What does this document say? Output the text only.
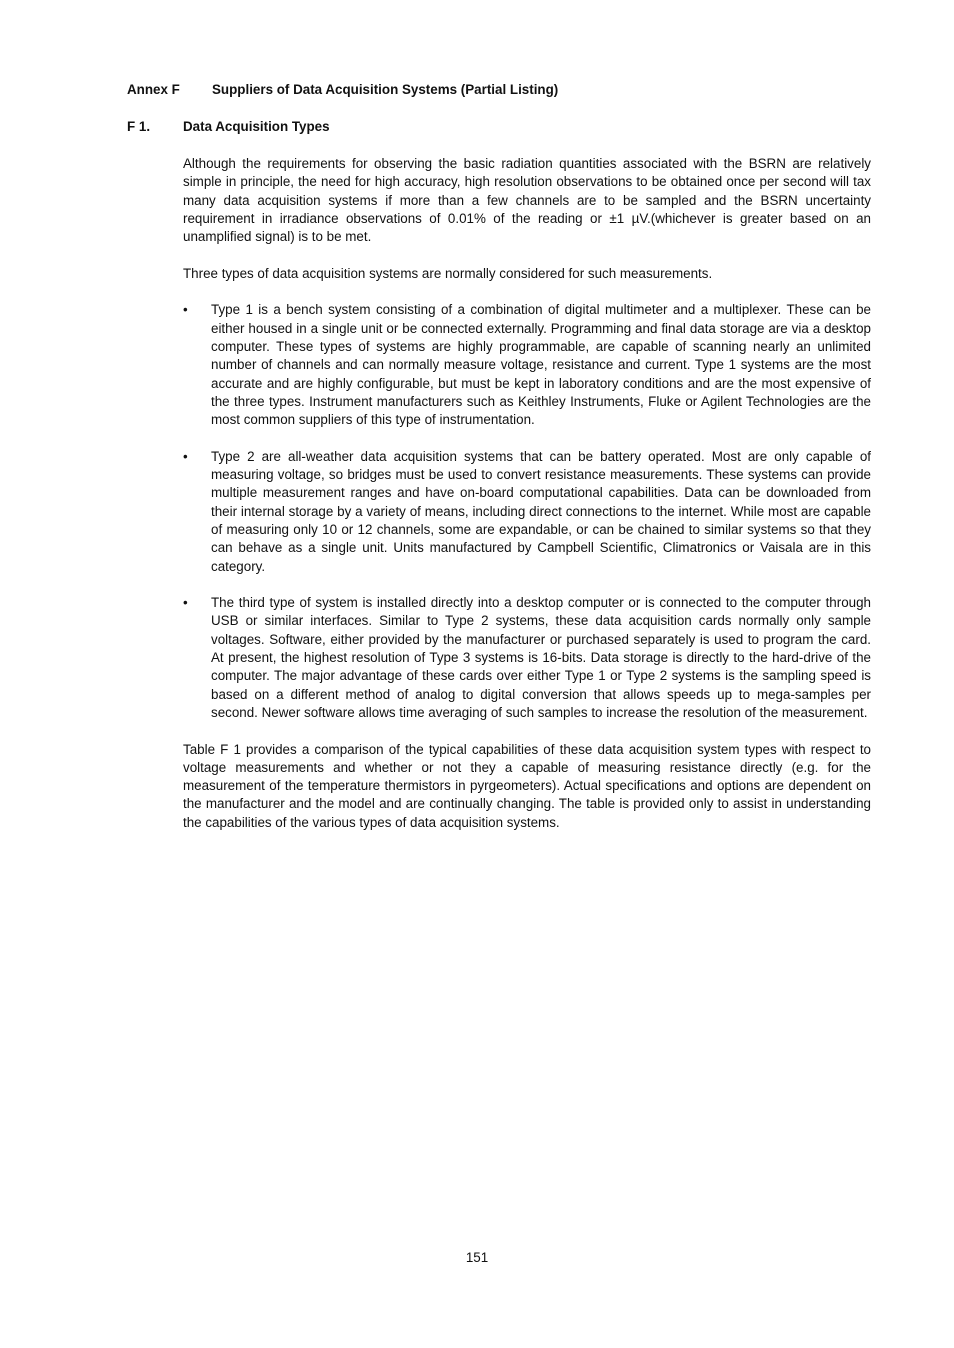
Annex F Suppliers of Data Acquisition Systems (Partial Listing)
F 1. Data Acquisition Types

Although the requirements for observing the basic radiation quantities associated with the BSRN are relatively simple in principle, the need for high accuracy, high resolution observations to be obtained once per second will tax many data acquisition systems if more than a few channels are to be sampled and the BSRN uncertainty requirement in irradiance observations of 0.01% of the reading or ±1 µV.(whichever is greater based on an unamplified signal) is to be met.

Three types of data acquisition systems are normally considered for such measurements.

• Type 1 is a bench system consisting of a combination of digital multimeter and a multiplexer. These can be either housed in a single unit or be connected externally. Programming and final data storage are via a desktop computer. These types of systems are highly programmable, are capable of scanning nearly an unlimited number of channels and can normally measure voltage, resistance and current. Type 1 systems are the most accurate and are highly configurable, but must be kept in laboratory conditions and are the most expensive of the three types. Instrument manufacturers such as Keithley Instruments, Fluke or Agilent Technologies are the most common suppliers of this type of instrumentation.
• Type 2 are all-weather data acquisition systems that can be battery operated. Most are only capable of measuring voltage, so bridges must be used to convert resistance measurements. These systems can provide multiple measurement ranges and have on-board computational capabilities. Data can be downloaded from their internal storage by a variety of means, including direct connections to the internet. While most are capable of measuring only 10 or 12 channels, some are expandable, or can be chained to similar systems so that they can behave as a single unit. Units manufactured by Campbell Scientific, Climatronics or Vaisala are in this category.
• The third type of system is installed directly into a desktop computer or is connected to the computer through USB or similar interfaces. Similar to Type 2 systems, these data acquisition cards normally only sample voltages. Software, either provided by the manufacturer or purchased separately is used to program the card. At present, the highest resolution of Type 3 systems is 16-bits. Data storage is directly to the hard-drive of the computer. The major advantage of these cards over either Type 1 or Type 2 systems is the sampling speed is based on a different method of analog to digital conversion that allows speeds up to mega-samples per second. Newer software allows time averaging of such samples to increase the resolution of the measurement.

Table F 1 provides a comparison of the typical capabilities of these data acquisition system types with respect to voltage measurements and whether or not they a capable of measuring resistance directly (e.g. for the measurement of the temperature thermistors in pyrgeometers). Actual specifications and options are dependent on the manufacturer and the model and are continually changing. The table is provided only to assist in understanding the capabilities of the various types of data acquisition systems.

151
